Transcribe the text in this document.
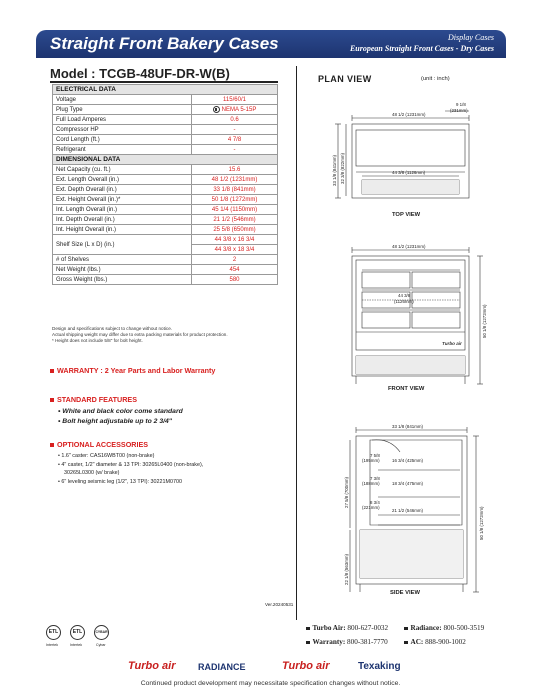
Straight Front Bakery Cases	Display Cases
European Straight Front Cases - Dry Cases
Model : TCGB-48UF-DR-W(B)
ELECTRICAL DATA	
Voltage	115/60/1
Plug Type	NEMA 5-15P
Full Load Amperes	0.6
Compressor HP	-
Cord Length (ft.)	4 7/8
Refrigerant	-
DIMENSIONAL DATA	
Net Capacity (cu. ft.)	15.6
Ext. Length Overall (in.)	48 1/2 (1231mm)
Ext. Depth Overall (in.)	33 1/8 (841mm)
Ext. Height Overall (in.)*	50 1/8 (1272mm)
Int. Length Overall (in.)	45 1/4 (1150mm)
Int. Depth Overall (in.)	21 1/2 (546mm)
Int. Height Overall (in.)	25 5/8 (650mm)
Shelf Size (L x D) (in.)	44 3/8 x 16 3/4
	44 3/8 x 18 3/4
# of Shelves	2
Net Weight (lbs.)	454
Gross Weight (lbs.)	580
Design and specifications subject to change without notice.
Actual shipping weight may differ due to extra packing materials for product protection.
* Height does not include 5/8" for bolt height.
WARRANTY : 2 Year Parts and Labor Warranty
STANDARD FEATURES
• White and black color come standard
• Bolt height adjustable up to 2 3/4"
OPTIONAL ACCESSORIES
• 1.6" caster: CAS16WBT00 (non-brake)
• 4" caster, 1/2" diameter & 13 TPI: 30265L0400 (non-brake),
30265L0300 (w/ brake)
• 6" leveling seismic leg (1/2", 13 TPI): 30221M0700
PLAN VIEW	(unit : inch)
48 1/2 (1231mm)
9 1/8
(231mm)
33 1/8 (841mm) 32 3/8 (822mm)	44 3/8 (1126mm)
48 1/2 (1231mm)
44 3/8
(1126mm)
50 1/8 (1272mm)
Turbo air
33 1/8 (841mm)
7 5/8
(195mm)	16 3/4 (425mm)
7 3/8
(188mm)	18 3/4 (475mm)
8 3/4
(221mm)
21 1/2 (546mm)
27 5/8 (700mm)
22 1/8 (563mm)
50 1/8 (1272mm)
TOP VIEW
FRONT VIEW
SIDE VIEW
Ver.20240531
ETL
Intertek
ETL
Intertek
CYBAR
Cybar
Turbo Air: 800-627-0032	Radiance: 800-500-3519
Warranty: 800-381-7770	AC: 888-900-1002
Turbo air	RADIANCE	Turbo air	Texaking
Continued product development may necessitate specification changes without notice.
